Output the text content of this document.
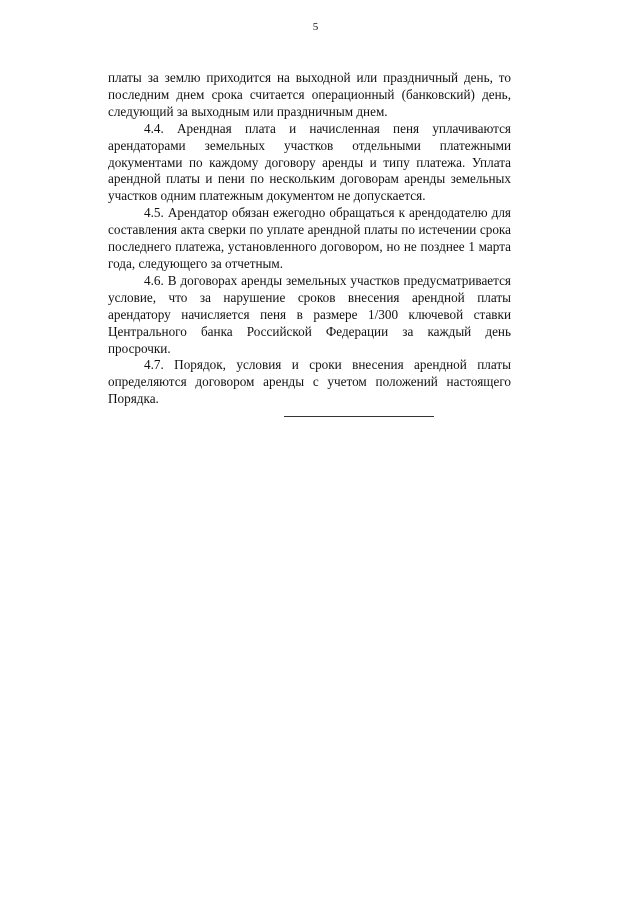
5

платы за землю приходится на выходной или праздничный день, то последним днем срока считается операционный (банковский) день, следующий за выходным или праздничным днем.

4.4. Арендная плата и начисленная пеня уплачиваются арендаторами земельных участков отдельными платежными документами по каждому договору аренды и типу платежа. Уплата арендной платы и пени по нескольким договорам аренды земельных участков одним платежным документом не допускается.

4.5. Арендатор обязан ежегодно обращаться к арендодателю для составления акта сверки по уплате арендной платы по истечении срока последнего платежа, установленного договором, но не позднее 1 марта года, следующего за отчетным.

4.6. В договорах аренды земельных участков предусматривается условие, что за нарушение сроков внесения арендной платы арендатору начисляется пеня в размере 1/300 ключевой ставки Центрального банка Российской Федерации за каждый день просрочки.

4.7. Порядок, условия и сроки внесения арендной платы определяются договором аренды с учетом положений настоящего Порядка.
